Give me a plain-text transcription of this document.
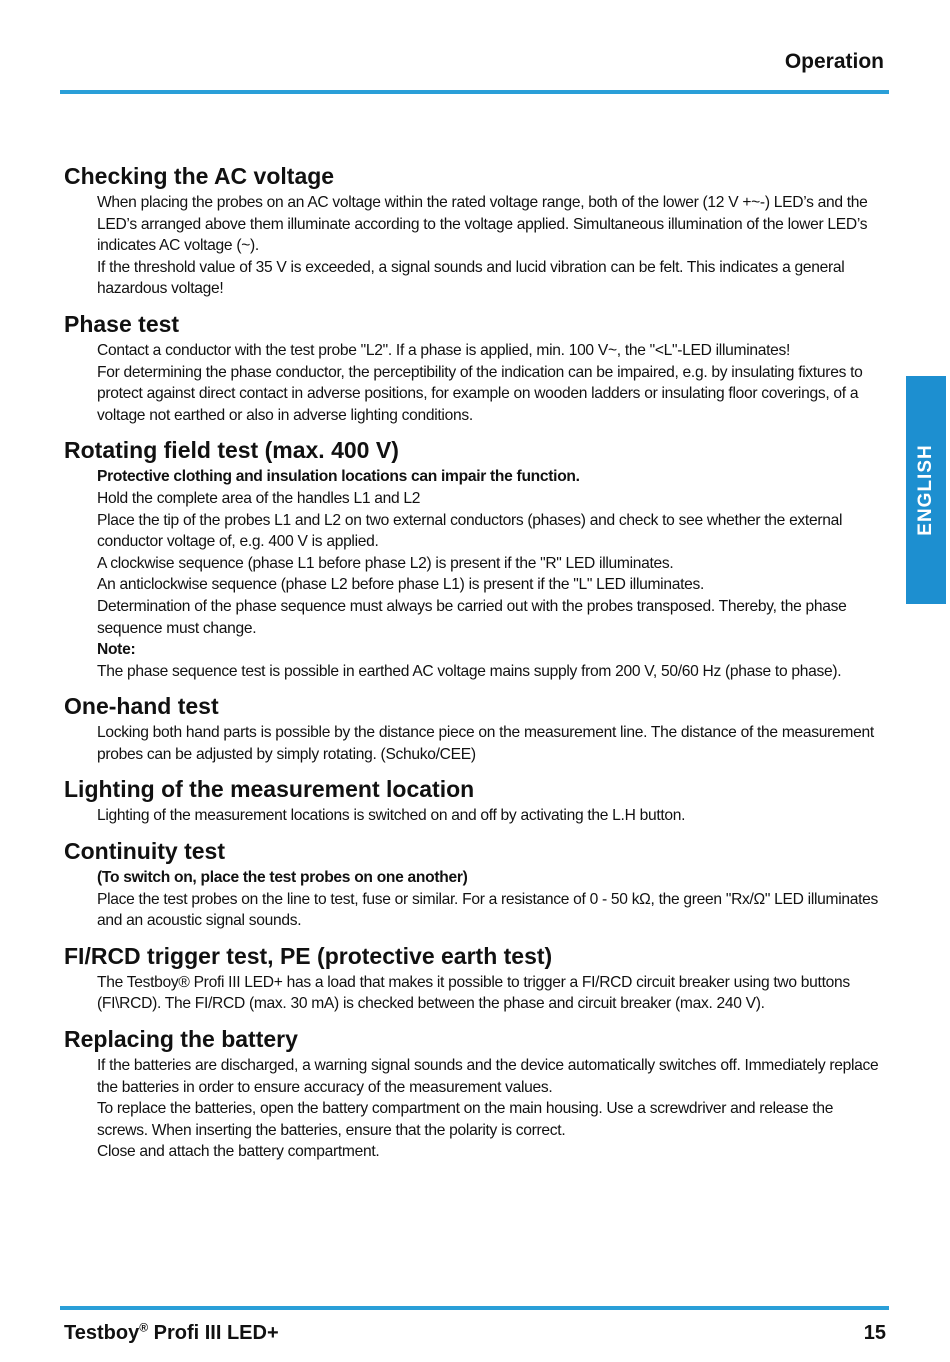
Operation
ENGLISH
Checking the AC voltage

When placing the probes on an AC voltage within the rated voltage range, both of the lower (12 V +~-) LED’s and the LED’s arranged above them illuminate according to the voltage applied. Simultaneous illumination of the lower LED’s indicates AC voltage (~).

If the threshold value of 35 V is exceeded, a signal sounds and lucid vibration can be felt. This indicates a general hazardous voltage!

Phase test

Contact a conductor with the test probe "L2". If a phase is applied, min. 100 V~, the "<L"-LED illuminates!

For determining the phase conductor, the perceptibility of the indication can be impaired, e.g. by insulating fixtures to protect against direct contact in adverse positions, for example on wooden ladders or insulating floor coverings, of a voltage not earthed or also in adverse lighting conditions.

Rotating field test (max. 400 V)

Protective clothing and insulation locations can impair the function.

Hold the complete area of the handles L1 and L2

Place the tip of the probes L1 and L2 on two external conductors (phases) and check to see whether the external conductor voltage of, e.g. 400 V is applied.

A clockwise sequence (phase L1 before phase L2) is present if the "R" LED illuminates.

An anticlockwise sequence (phase L2 before phase L1) is present if the "L" LED illuminates.

Determination of the phase sequence must always be carried out with the probes transposed. Thereby, the phase sequence must change.

Note:

The phase sequence test is possible in earthed AC voltage mains supply from 200 V, 50/60 Hz (phase to phase).

One-hand test

Locking both hand parts is possible by the distance piece on the measurement line. The distance of the measurement probes can be adjusted by simply rotating. (Schuko/CEE)

Lighting of the measurement location

Lighting of the measurement locations is switched on and off by activating the L.H button.

Continuity test

(To switch on, place the test probes on one another)

Place the test probes on the line to test, fuse or similar. For a resistance of 0 - 50 kΩ, the green "Rx/Ω" LED illuminates and an acoustic signal sounds.

FI/RCD trigger test, PE (protective earth test)

The Testboy® Profi III LED+ has a load that makes it possible to trigger a FI/RCD circuit breaker using two buttons (FI\RCD). The FI/RCD (max. 30 mA) is checked between the phase and circuit breaker (max. 240 V).

Replacing the battery

If the batteries are discharged, a warning signal sounds and the device automatically switches off. Immediately replace the batteries in order to ensure accuracy of the measurement values.

To replace the batteries, open the battery compartment on the main housing. Use a screwdriver and release the screws. When inserting the batteries, ensure that the polarity is correct.

Close and attach the battery compartment.

Testboy® Profi III LED+	15
